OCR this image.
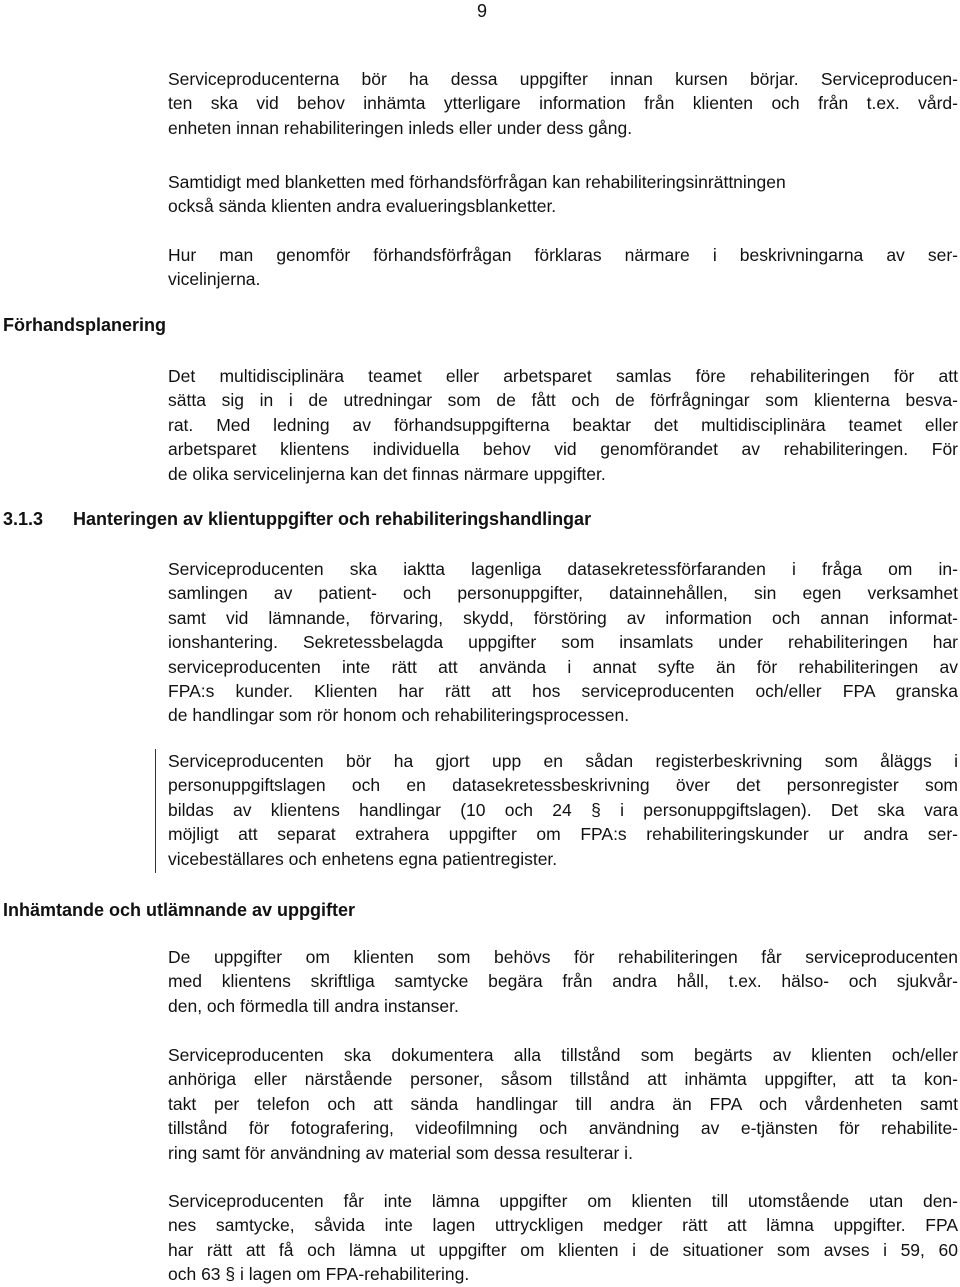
9
Serviceproducenterna bör ha dessa uppgifter innan kursen börjar. Serviceproducen-
ten ska vid behov inhämta ytterligare information från klienten och från t.ex. vård-
enheten innan rehabiliteringen inleds eller under dess gång.
Samtidigt med blanketten med förhandsförfrågan kan rehabiliteringsinrättningen
också sända klienten andra evalueringsblanketter.
Hur man genomför förhandsförfrågan förklaras närmare i beskrivningarna av ser-
vicelinjerna.
Förhandsplanering
Det multidisciplinära teamet eller arbetsparet samlas före rehabiliteringen för att
sätta sig in i de utredningar som de fått och de förfrågningar som klienterna besva-
rat. Med ledning av förhandsuppgifterna beaktar det multidisciplinära teamet eller
arbetsparet klientens individuella behov vid genomförandet av rehabiliteringen. För
de olika servicelinjerna kan det finnas närmare uppgifter.
3.1.3 Hanteringen av klientuppgifter och rehabiliteringshandlingar
Serviceproducenten ska iaktta lagenliga datasekretessförfaranden i fråga om in-
samlingen av patient- och personuppgifter, datainnehållen, sin egen verksamhet
samt vid lämnande, förvaring, skydd, förstöring av information och annan informat-
ionshantering. Sekretessbelagda uppgifter som insamlats under rehabiliteringen har
serviceproducenten inte rätt att använda i annat syfte än för rehabiliteringen av
FPA:s kunder. Klienten har rätt att hos serviceproducenten och/eller FPA granska
de handlingar som rör honom och rehabiliteringsprocessen.
Serviceproducenten bör ha gjort upp en sådan registerbeskrivning som åläggs i
personuppgiftslagen och en datasekretessbeskrivning över det personregister som
bildas av klientens handlingar (10 och 24 § i personuppgiftslagen). Det ska vara
möjligt att separat extrahera uppgifter om FPA:s rehabiliteringskunder ur andra ser-
vicebeställares och enhetens egna patientregister.
Inhämtande och utlämnande av uppgifter
De uppgifter om klienten som behövs för rehabiliteringen får serviceproducenten
med klientens skriftliga samtycke begära från andra håll, t.ex. hälso- och sjukvår-
den, och förmedla till andra instanser.
Serviceproducenten ska dokumentera alla tillstånd som begärts av klienten och/eller
anhöriga eller närstående personer, såsom tillstånd att inhämta uppgifter, att ta kon-
takt per telefon och att sända handlingar till andra än FPA och vårdenheten samt
tillstånd för fotografering, videofilmning och användning av e-tjänsten för rehabilite-
ring samt för användning av material som dessa resulterar i.
Serviceproducenten får inte lämna uppgifter om klienten till utomstående utan den-
nes samtycke, såvida inte lagen uttryckligen medger rätt att lämna uppgifter. FPA
har rätt att få och lämna ut uppgifter om klienten i de situationer som avses i 59, 60
och 63 § i lagen om FPA-rehabilitering.
